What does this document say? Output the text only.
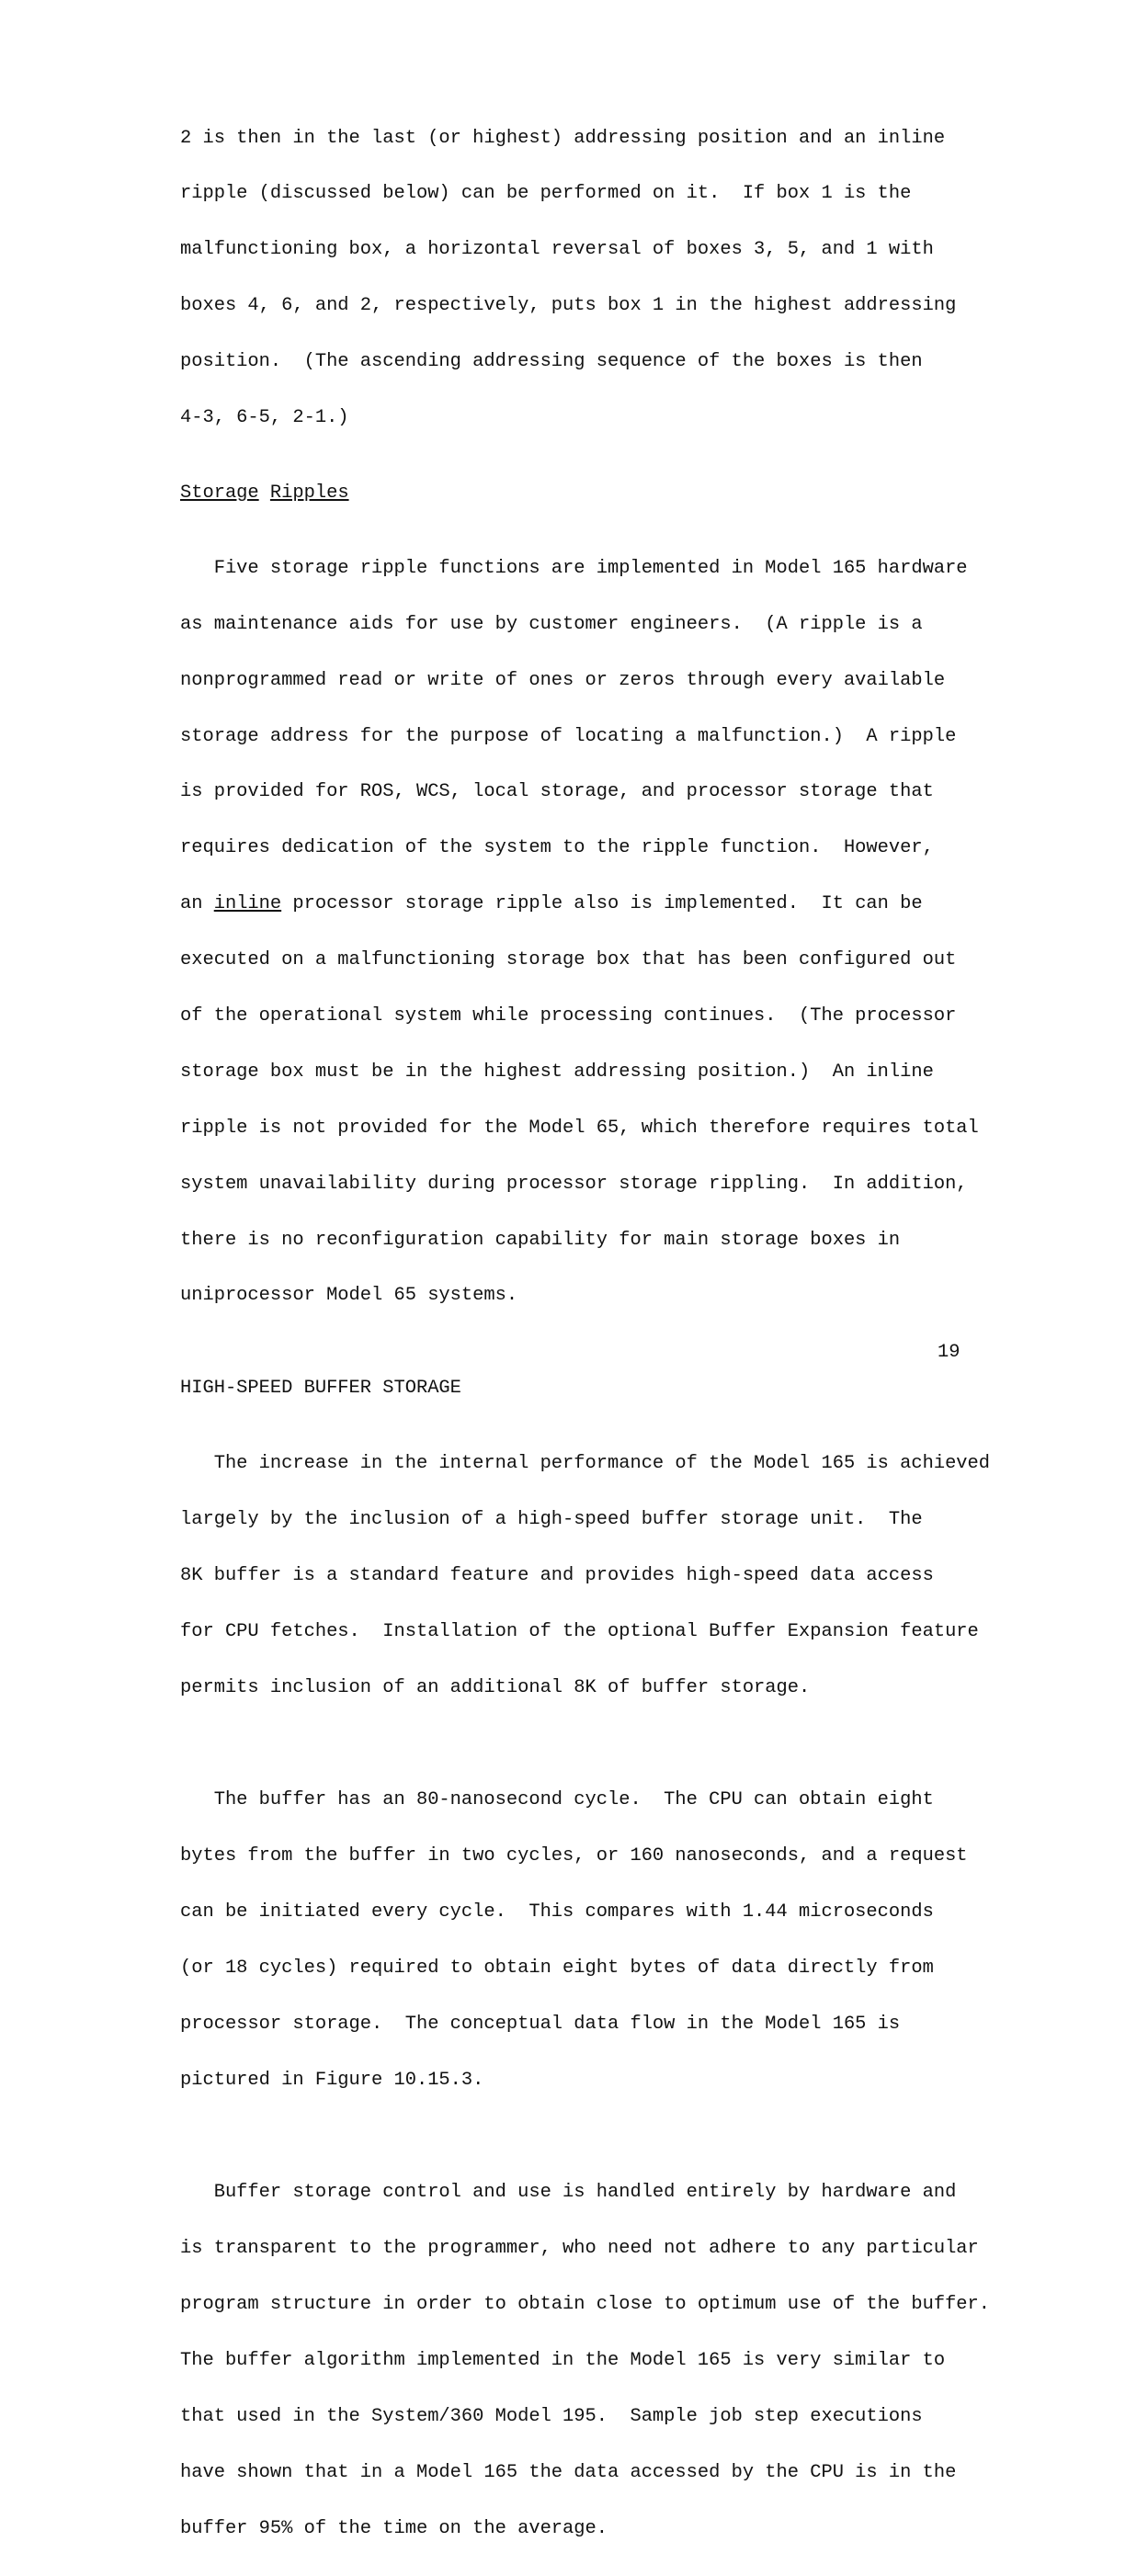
2 is then in the last (or highest) addressing position and an inline

ripple (discussed below) can be performed on it.  If box 1 is the

malfunctioning box, a horizontal reversal of boxes 3, 5, and 1 with

boxes 4, 6, and 2, respectively, puts box 1 in the highest addressing

position.  (The ascending addressing sequence of the boxes is then

4-3, 6-5, 2-1.)

Storage Ripples

Five storage ripple functions are implemented in Model 165 hardware

as maintenance aids for use by customer engineers.  (A ripple is a

nonprogrammed read or write of ones or zeros through every available

storage address for the purpose of locating a malfunction.)  A ripple

is provided for ROS, WCS, local storage, and processor storage that

requires dedication of the system to the ripple function.  However,

an inline processor storage ripple also is implemented.  It can be

executed on a malfunctioning storage box that has been configured out

of the operational system while processing continues.  (The processor

storage box must be in the highest addressing position.)  An inline

ripple is not provided for the Model 65, which therefore requires total

system unavailability during processor storage rippling.  In addition,

there is no reconfiguration capability for main storage boxes in

uniprocessor Model 65 systems.

HIGH-SPEED BUFFER STORAGE

The increase in the internal performance of the Model 165 is achieved

largely by the inclusion of a high-speed buffer storage unit.  The

8K buffer is a standard feature and provides high-speed data access

for CPU fetches.  Installation of the optional Buffer Expansion feature

permits inclusion of an additional 8K of buffer storage.

The buffer has an 80-nanosecond cycle.  The CPU can obtain eight

bytes from the buffer in two cycles, or 160 nanoseconds, and a request

can be initiated every cycle.  This compares with 1.44 microseconds

(or 18 cycles) required to obtain eight bytes of data directly from

processor storage.  The conceptual data flow in the Model 165 is

pictured in Figure 10.15.3.

Buffer storage control and use is handled entirely by hardware and

is transparent to the programmer, who need not adhere to any particular

program structure in order to obtain close to optimum use of the buffer.

The buffer algorithm implemented in the Model 165 is very similar to

that used in the System/360 Model 195.  Sample job step executions

have shown that in a Model 165 the data accessed by the CPU is in the

buffer 95% of the time on the average.

19
